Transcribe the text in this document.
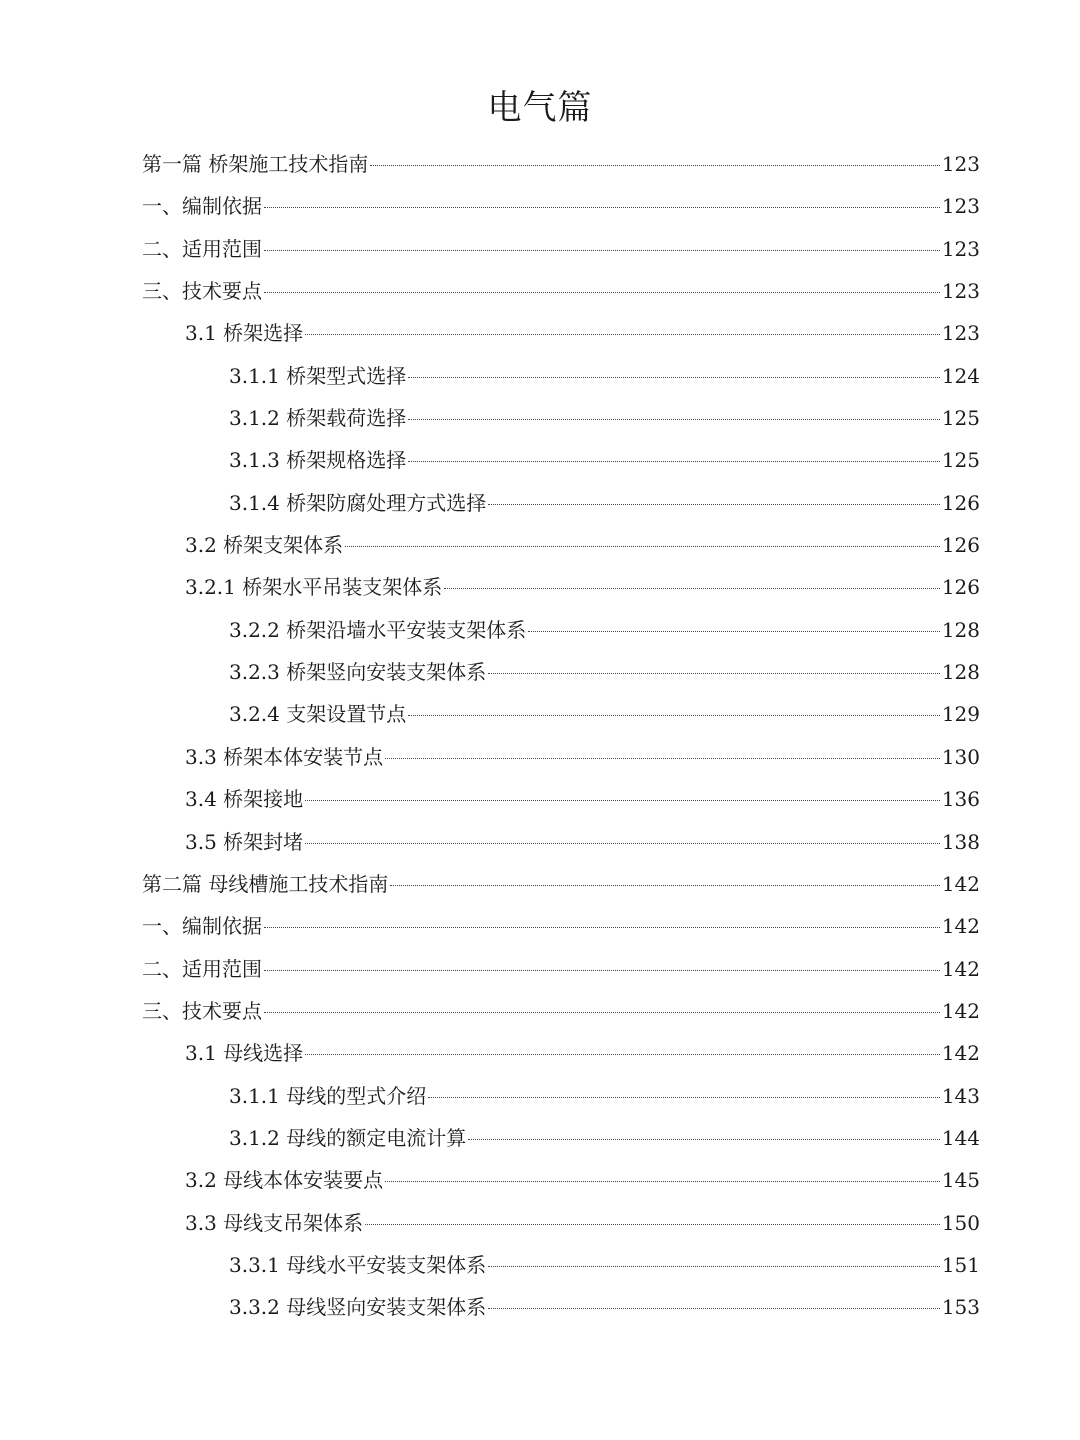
电气篇
第一篇 桥架施工技术指南	123
一、编制依据	123
二、适用范围	123
三、技术要点	123
3.1 桥架选择	123
3.1.1 桥架型式选择	124
3.1.2 桥架载荷选择	125
3.1.3 桥架规格选择	125
3.1.4 桥架防腐处理方式选择	126
3.2 桥架支架体系	126
3.2.1 桥架水平吊装支架体系	126
3.2.2 桥架沿墙水平安装支架体系	128
3.2.3 桥架竖向安装支架体系	128
3.2.4 支架设置节点	129
3.3 桥架本体安装节点	130
3.4 桥架接地	136
3.5 桥架封堵	138
第二篇 母线槽施工技术指南	142
一、编制依据	142
二、适用范围	142
三、技术要点	142
3.1 母线选择	142
3.1.1 母线的型式介绍	143
3.1.2 母线的额定电流计算	144
3.2 母线本体安装要点	145
3.3 母线支吊架体系	150
3.3.1 母线水平安装支架体系	151
3.3.2 母线竖向安装支架体系	153
